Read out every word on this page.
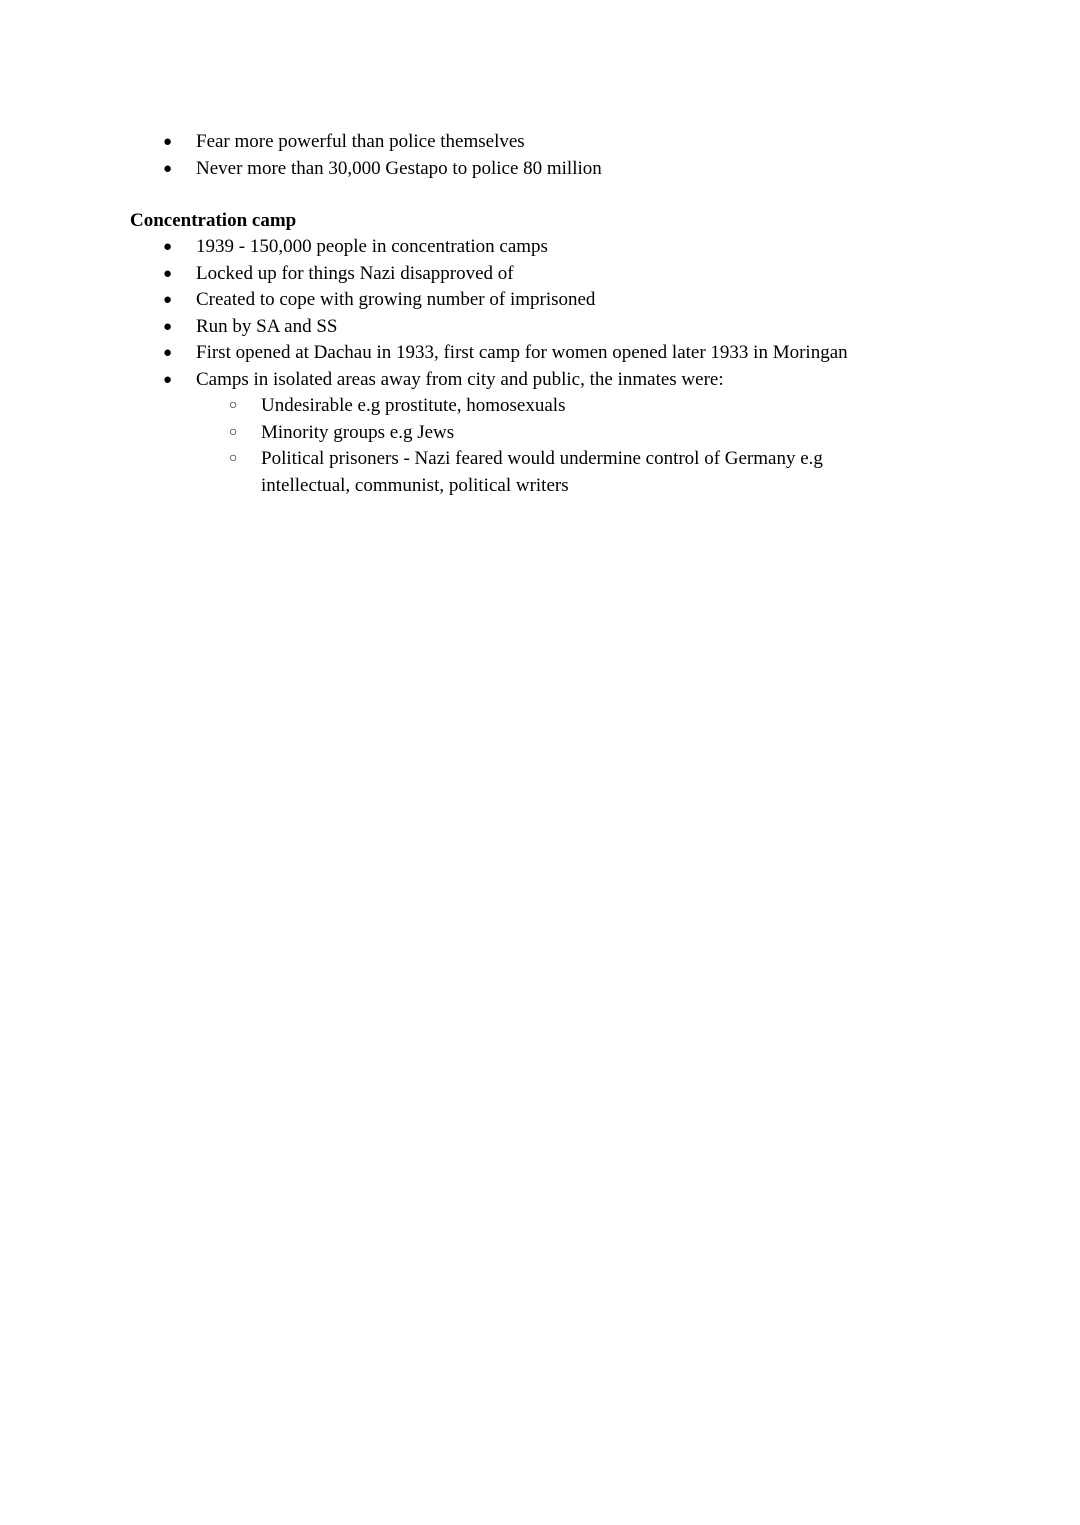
● Fear more powerful than police themselves
● Never more than 30,000 Gestapo to police 80 million
Concentration camp
● 1939 - 150,000 people in concentration camps
● Locked up for things Nazi disapproved of
● Created to cope with growing number of imprisoned
● Run by SA and SS
● First opened at Dachau in 1933, first camp for women opened later 1933 in Moringan
● Camps in isolated areas away from city and public, the inmates were:
○ Undesirable e.g prostitute, homosexuals
○ Minority groups e.g Jews
○ Political prisoners - Nazi feared would undermine control of Germany e.g intellectual, communist, political writers
